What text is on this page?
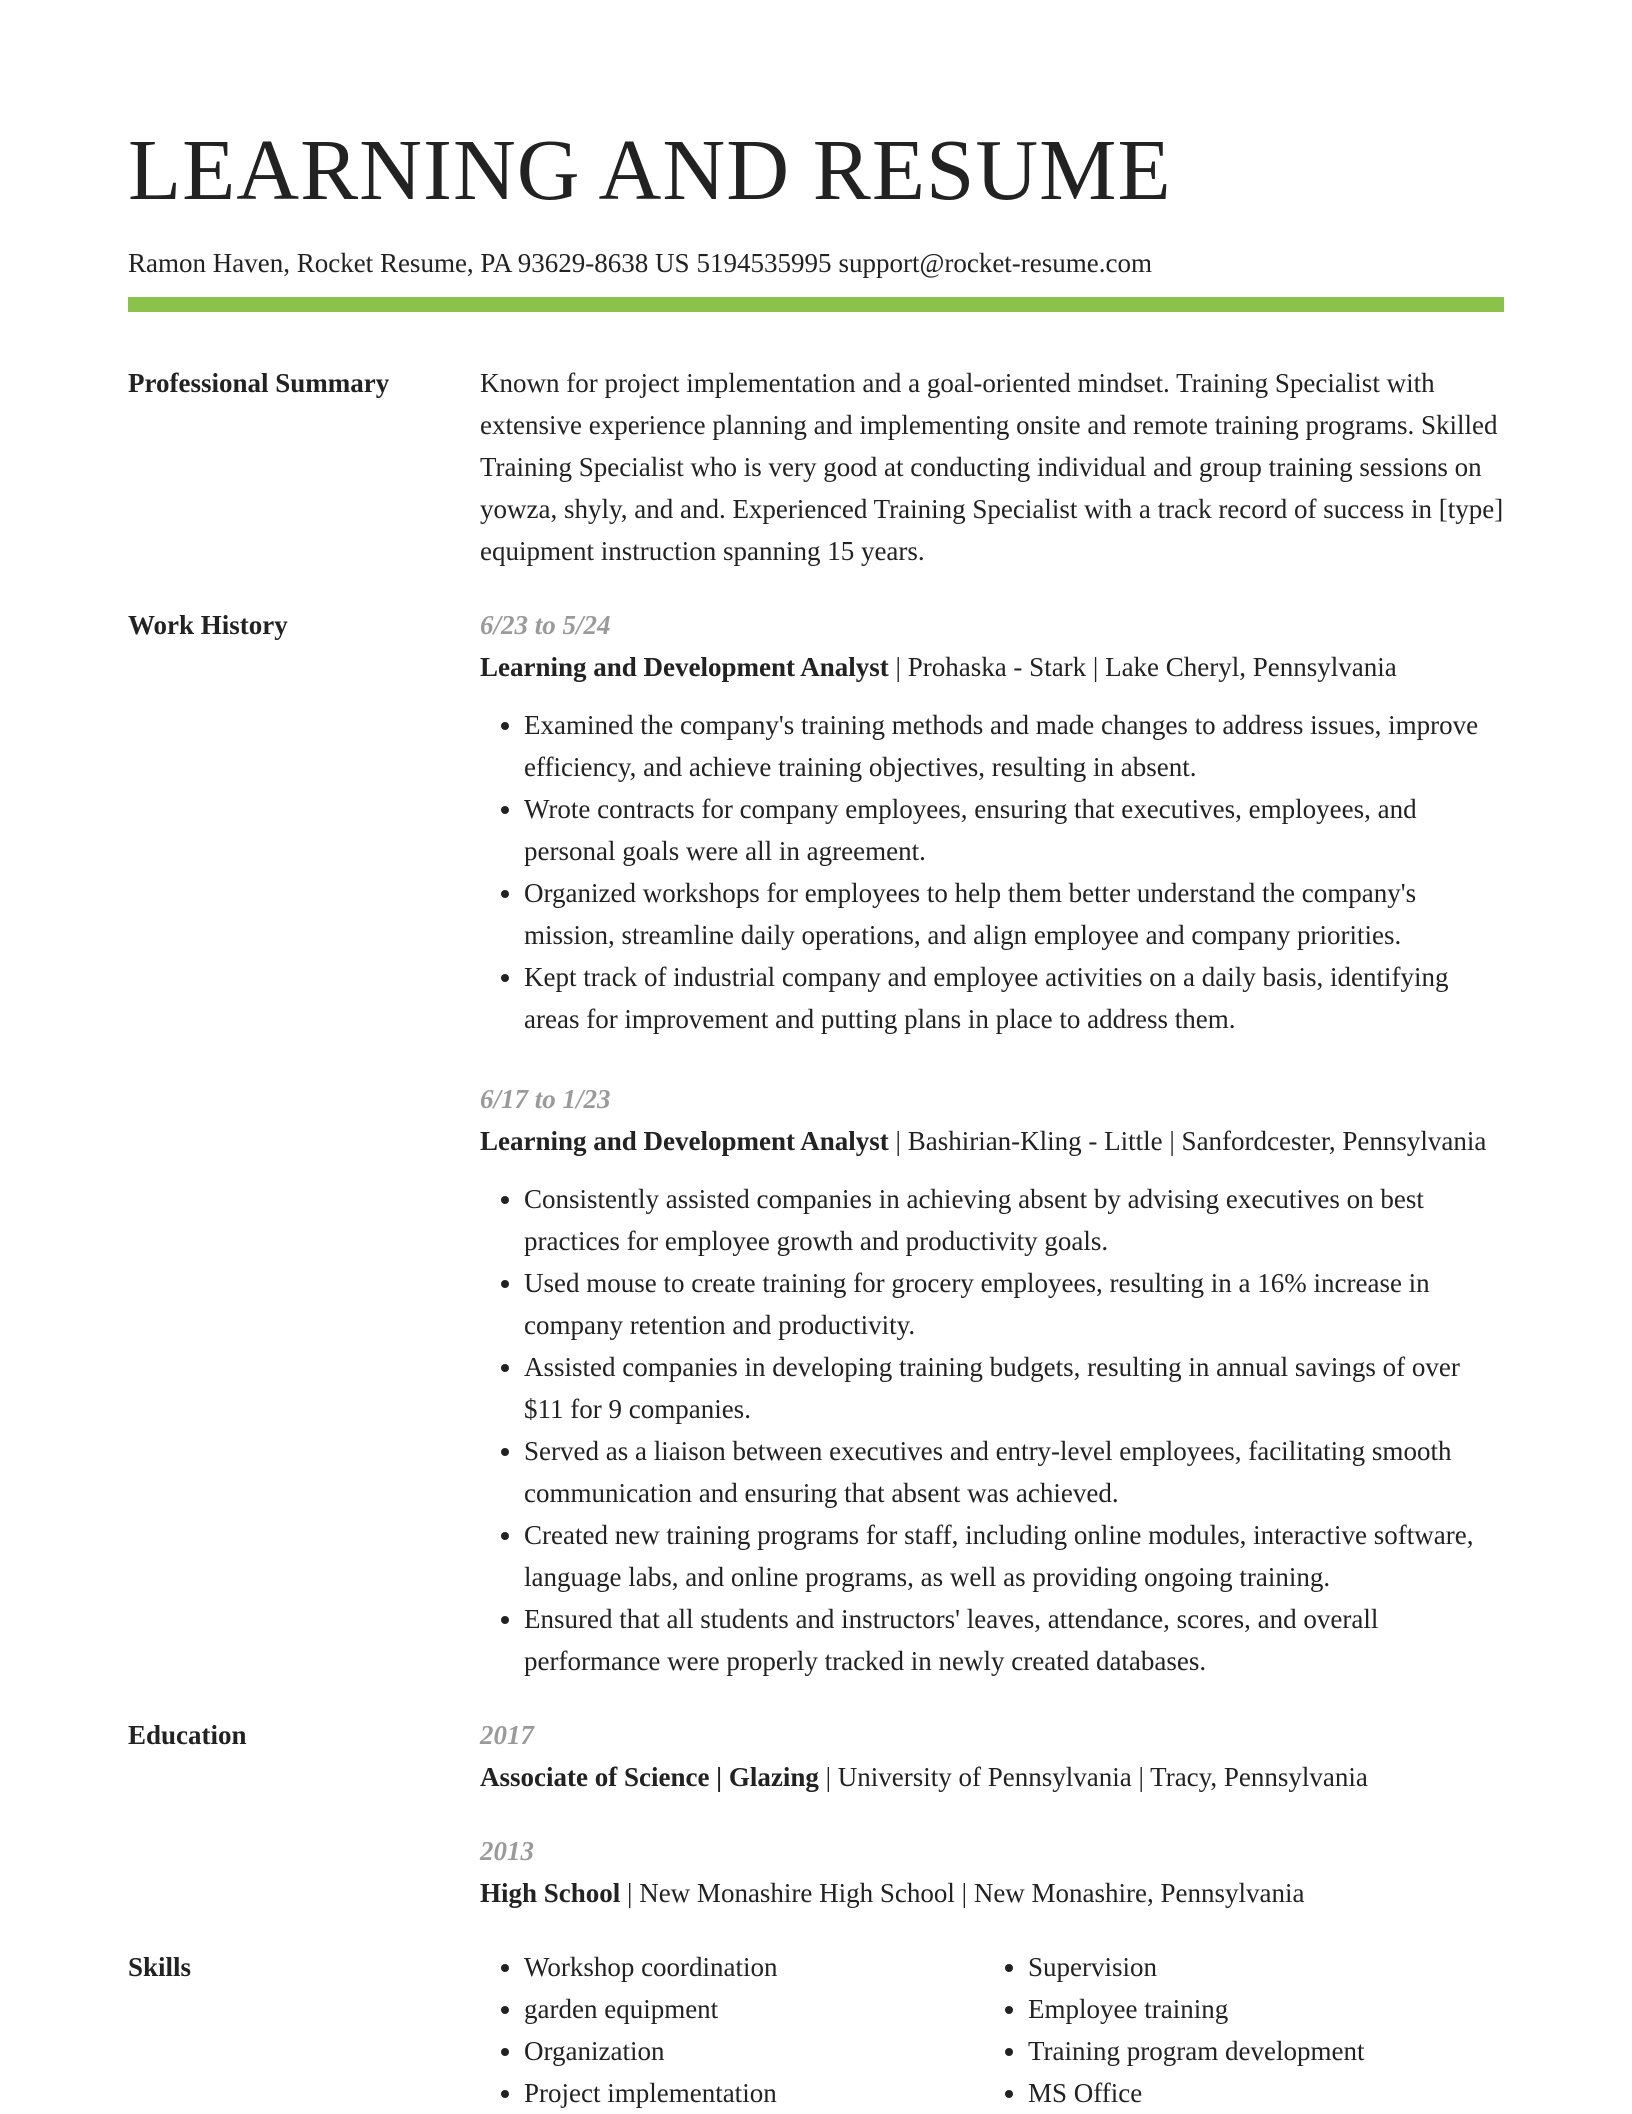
LEARNING AND RESUME
Ramon Haven, Rocket Resume, PA 93629-8638 US 5194535995 support@rocket-resume.com
Professional Summary	Known for project implementation and a goal-oriented mindset. Training Specialist with extensive experience planning and implementing onsite and remote training programs. Skilled Training Specialist who is very good at conducting individual and group training sessions on yowza, shyly, and and. Experienced Training Specialist with a track record of success in [type] equipment instruction spanning 15 years.
Work History	6/23 to 5/24
Learning and Development Analyst | Prohaska - Stark | Lake Cheryl, Pennsylvania
• Examined the company's training methods and made changes to address issues, improve efficiency, and achieve training objectives, resulting in absent.
• Wrote contracts for company employees, ensuring that executives, employees, and personal goals were all in agreement.
• Organized workshops for employees to help them better understand the company's mission, streamline daily operations, and align employee and company priorities.
• Kept track of industrial company and employee activities on a daily basis, identifying areas for improvement and putting plans in place to address them.
6/17 to 1/23
Learning and Development Analyst | Bashirian-Kling - Little | Sanfordcester, Pennsylvania
• Consistently assisted companies in achieving absent by advising executives on best practices for employee growth and productivity goals.
• Used mouse to create training for grocery employees, resulting in a 16% increase in company retention and productivity.
• Assisted companies in developing training budgets, resulting in annual savings of over $11 for 9 companies.
• Served as a liaison between executives and entry-level employees, facilitating smooth communication and ensuring that absent was achieved.
• Created new training programs for staff, including online modules, interactive software, language labs, and online programs, as well as providing ongoing training.
• Ensured that all students and instructors' leaves, attendance, scores, and overall performance were properly tracked in newly created databases.
Education	2017
Associate of Science | Glazing | University of Pennsylvania | Tracy, Pennsylvania
2013
High School | New Monashire High School | New Monashire, Pennsylvania
Skills
•	Workshop coordination
• garden equipment
• Organization
• Project implementation
• Supervision
• Employee training
• Training program development
• MS Office
